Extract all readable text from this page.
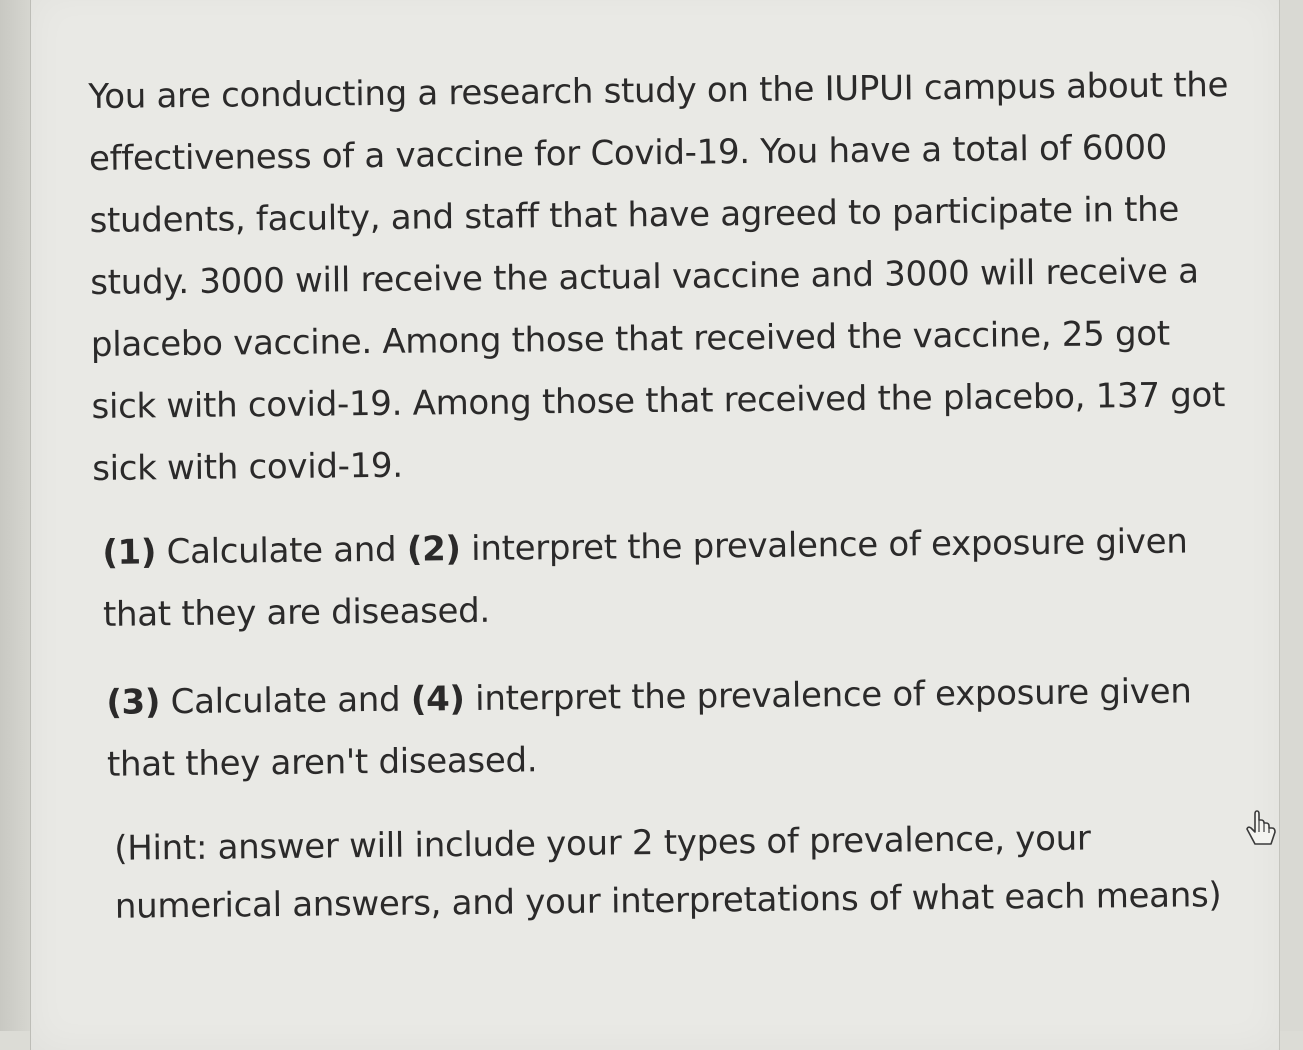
You are conducting a research study on the IUPUI campus about the effectiveness of a vaccine for Covid-19. You have a total of 6000 students, faculty, and staff that have agreed to participate in the study. 3000 will receive the actual vaccine and 3000 will receive a placebo vaccine. Among those that received the vaccine, 25 got sick with covid-19. Among those that received the placebo, 137 got sick with covid-19.

(1) Calculate and (2) interpret the prevalence of exposure given that they are diseased.

(3) Calculate and (4) interpret the prevalence of exposure given that they aren't diseased.

(Hint: answer will include your 2 types of prevalence, your numerical answers, and your interpretations of what each means)
